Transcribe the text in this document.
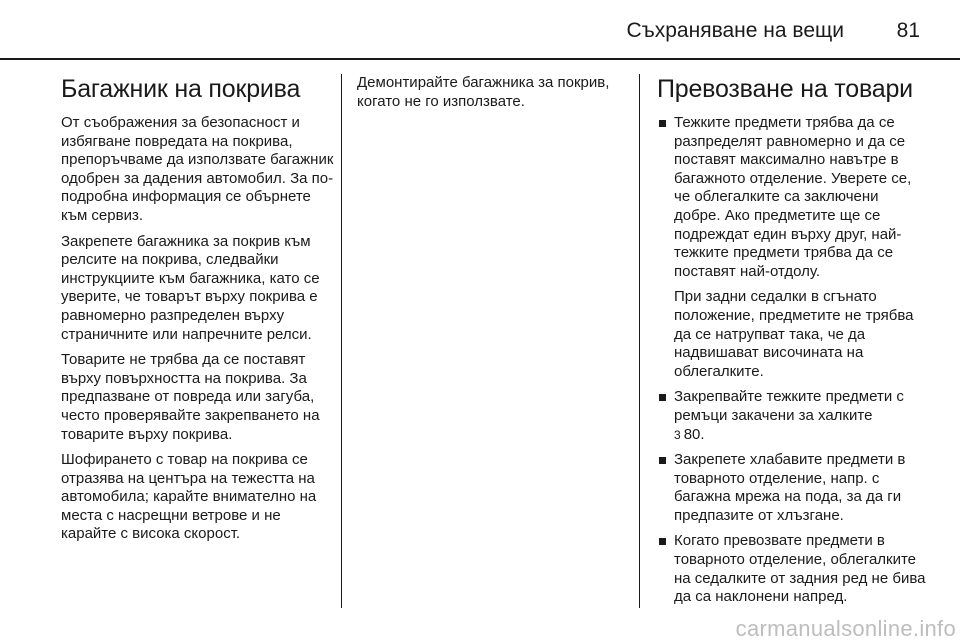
Съхраняване на вещи	81
Багажник на покрива

От съображения за безопасност и избягване повредата на покрива, препоръчваме да използвате багажник одобрен за дадения автомобил. За по-подробна информация се обърнете към сервиз.

Закрепете багажника за покрив към релсите на покрива, следвайки инструкциите към багажника, като се уверите, че товарът върху покрива е равномерно разпределен върху страничните или напречните релси.

Товарите не трябва да се поставят върху повърхността на покрива. За предпазване от повреда или загуба, често проверявайте закрепването на товарите върху покрива.

Шофирането с товар на покрива се отразява на центъра на тежестта на автомобила; карайте внимателно на места с насрещни ветрове и не карайте с висока скорост.

Демонтирайте багажника за покрив, когато не го използвате.	Превозване на товари
Тежките предмети трябва да се разпределят равномерно и да се поставят максимално навътре в багажното отделение. Уверете се, че облегалките са заключени добре. Ако предметите ще се подреждат един върху друг, най-тежките предмети трябва да се поставят най-отдолу.
При задни седалки в сгънато положение, предметите не трябва да се натрупват така, че да надвишават височината на облегалките.
Закрепвайте тежките предмети с ремъци закачени за халките
3 80.
Закрепете хлабавите предмети в товарното отделение, напр. с багажна мрежа на пода, за да ги предпазите от хлъзгане.
Когато превозвате предмети в товарното отделение, облегалките на седалките от задния ред не бива да са наклонени напред.
carmanualsonline.info
